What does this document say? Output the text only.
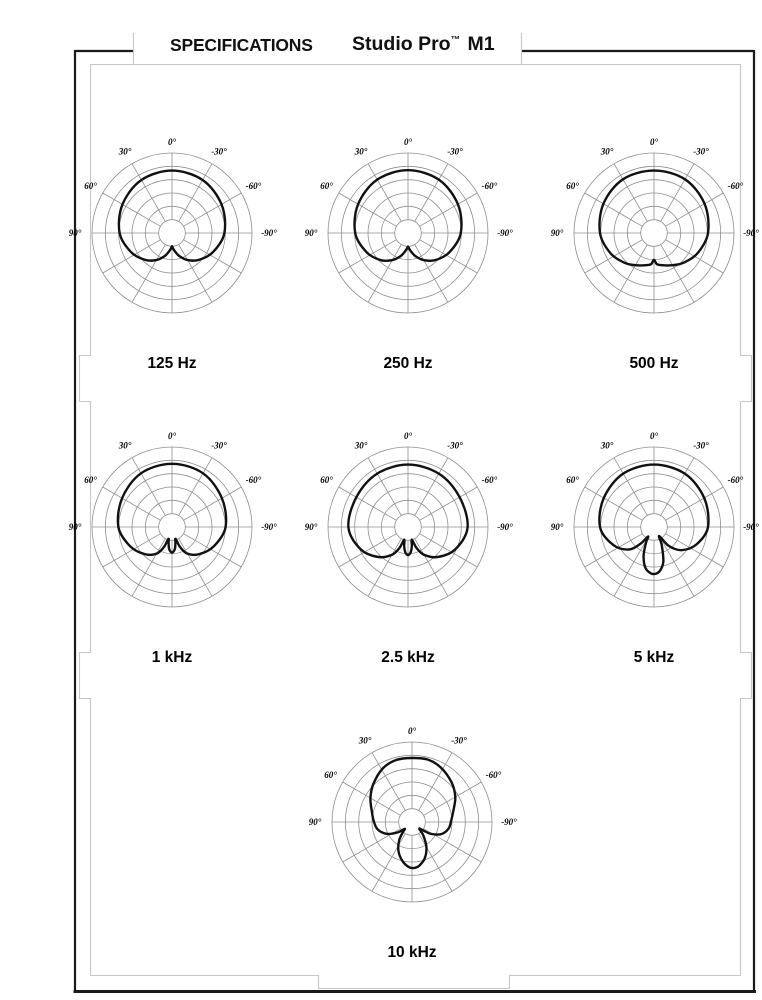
SPECIFICATIONS Studio Pro™ M1
0°
30°	-30°
60°	-60°
90°	-90°
125 Hz
0°
30°	-30°
60°	-60°
90°	-90°
250 Hz
0°
30°	-30°
60°	-60°
90°	-90°
500 Hz
0°
30°	-30°
60°	-60°
90°	-90°
1 kHz
0°
30°	-30°
60°	-60°
90°	-90°
2.5 kHz
0°
30°	-30°
60°	-60°
90°	-90°
5 kHz
0°
30°	-30°
60°	-60°
90°	-90°
10 kHz
